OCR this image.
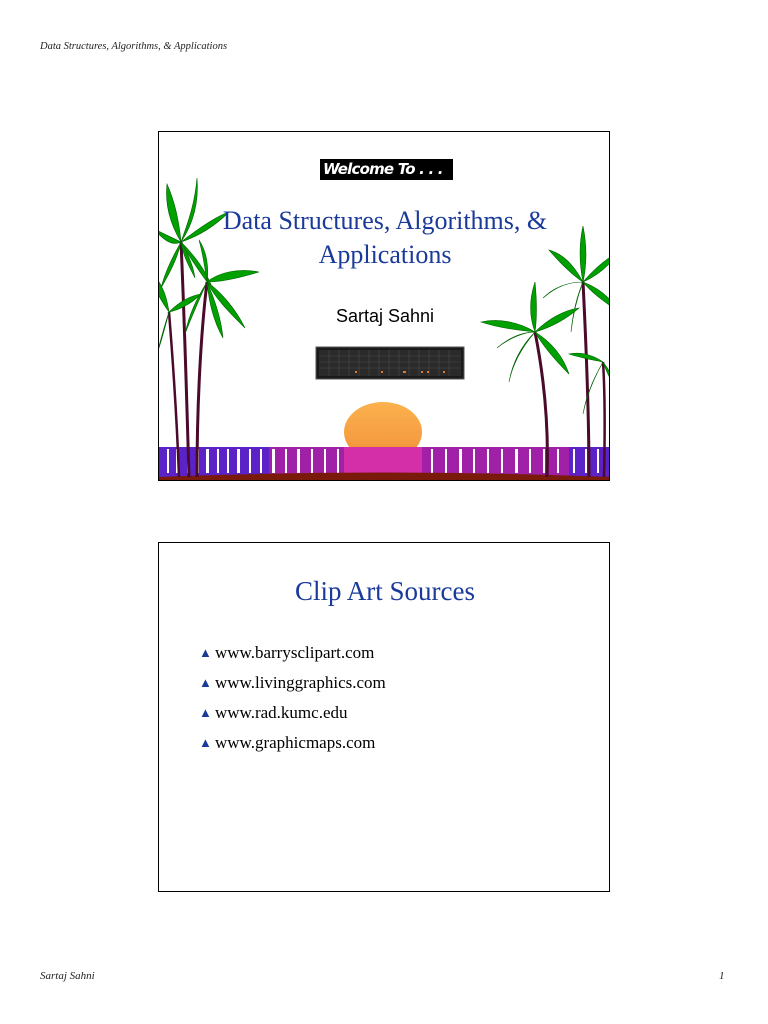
Data Structures, Algorithms, & Applications
Welcome To . . .
Data Structures, Algorithms, &
Applications
Sartaj Sahni
Clip Art Sources
▲ www.barrysclipart.com
▲ www.livinggraphics.com
▲ www.rad.kumc.edu
▲ www.graphicmaps.com
Sartaj Sahni	1
